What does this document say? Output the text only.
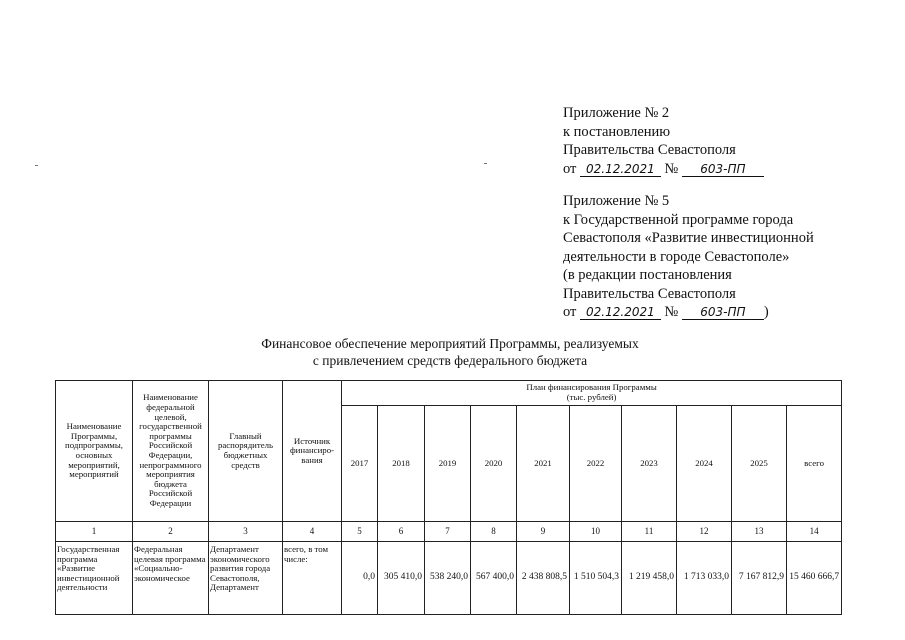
Приложение № 2
к постановлению
Правительства Севастополя
от 02.12.2021 № 603-ПП
Приложение № 5
к Государственной программе города
Севастополя «Развитие инвестиционной
деятельности в городе Севастополе»
(в редакции постановления
Правительства Севастополя
от 02.12.2021 № 603-ПП )
Финансовое обеспечение мероприятий Программы, реализуемых
с привлечением средств федерального бюджета
Наименование Программы, подпрограммы, основных мероприятий, мероприятий	Наименование федеральной целевой, государственной программы Российской Федерации, непрограммного мероприятия бюджета Российской Федерации	Главный распорядитель бюджетных средств	Источник финансиро-вания	План финансирования Программы
(тыс. рублей)									

				2017	2018	2019	2020	2021	2022	2023	2024	2025	всего
1	2	3	4	5	6	7	8	9	10	11	12	13	14
Государственная программа «Развитие инвестиционной деятельности	Федеральная целевая программа «Социально-экономическое	Департамент экономического развития города Севастополя, Департамент	всего, в том числе:	0,0	305 410,0	538 240,0	567 400,0	2 438 808,5	1 510 504,3	1 219 458,0	1 713 033,0	7 167 812,9	15 460 666,7
